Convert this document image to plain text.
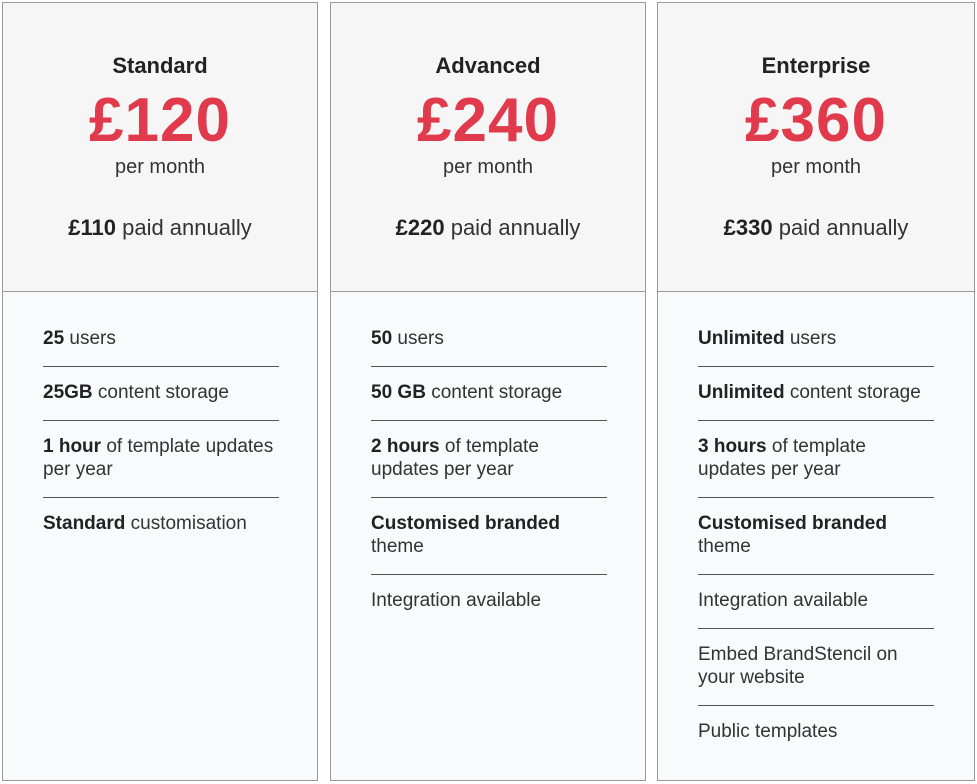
Standard
£120
per month
£110 paid annually
25 users
25GB content storage
1 hour of template updates per year
Standard customisation
Advanced
£240
per month
£220 paid annually
50 users
50 GB content storage
2 hours of template updates per year
Customised branded theme
Integration available
Enterprise
£360
per month
£330 paid annually
Unlimited users
Unlimited content storage
3 hours of template updates per year
Customised branded theme
Integration available
Embed BrandStencil on your website
Public templates
